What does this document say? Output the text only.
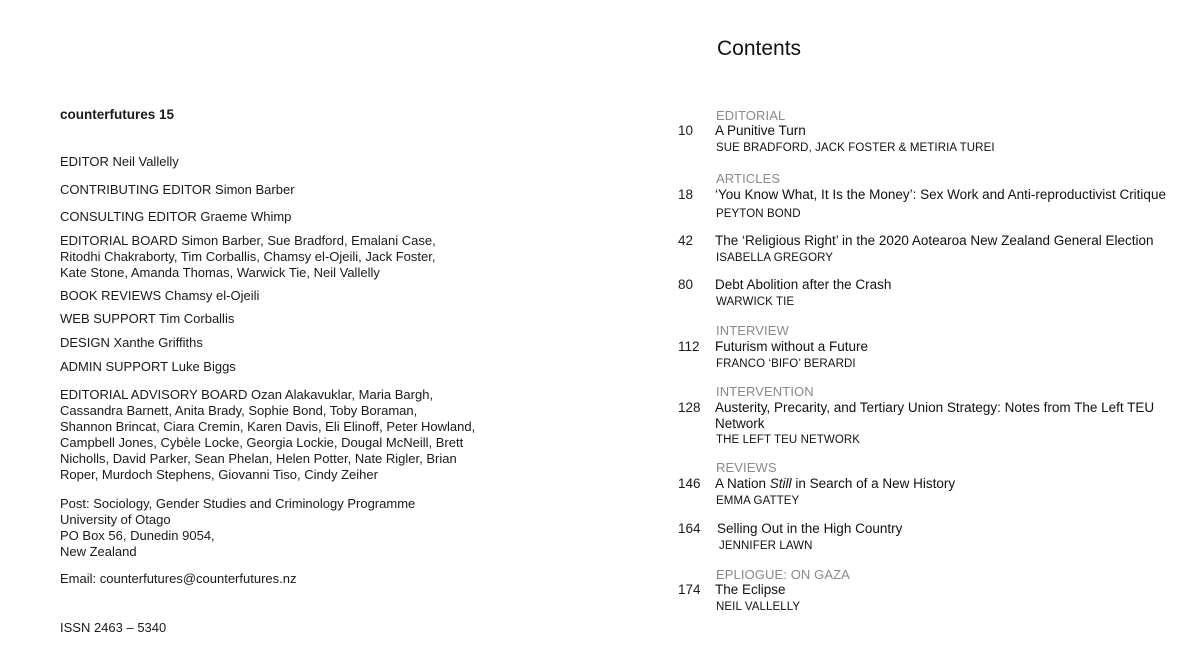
counterfutures 15
EDITOR Neil Vallelly
CONTRIBUTING EDITOR Simon Barber
CONSULTING EDITOR Graeme Whimp
EDITORIAL BOARD Simon Barber, Sue Bradford, Emalani Case,
Ritodhi Chakraborty, Tim Corballis, Chamsy el-Ojeili, Jack Foster,
Kate Stone, Amanda Thomas, Warwick Tie, Neil Vallelly
BOOK REVIEWS Chamsy el-Ojeili
WEB SUPPORT Tim Corballis
DESIGN Xanthe Griffiths
ADMIN SUPPORT Luke Biggs
EDITORIAL ADVISORY BOARD Ozan Alakavuklar, Maria Bargh,
Cassandra Barnett, Anita Brady, Sophie Bond, Toby Boraman,
Shannon Brincat, Ciara Cremin, Karen Davis, Eli Elinoff, Peter Howland,
Campbell Jones, Cybèle Locke, Georgia Lockie, Dougal McNeill, Brett
Nicholls, David Parker, Sean Phelan, Helen Potter, Nate Rigler, Brian
Roper, Murdoch Stephens, Giovanni Tiso, Cindy Zeiher
Post: Sociology, Gender Studies and Criminology Programme
University of Otago
PO Box 56, Dunedin 9054,
New Zealand
Email: counterfutures@counterfutures.nz
ISSN 2463 – 5340
Contents
EDITORIAL
10 A Punitive Turn
SUE BRADFORD, JACK FOSTER & METIRIA TUREI
ARTICLES
18 ‘You Know What, It Is the Money’: Sex Work and Anti-reproductivist Critique
PEYTON BOND
42 The ‘Religious Right’ in the 2020 Aotearoa New Zealand General Election
ISABELLA GREGORY
80 Debt Abolition after the Crash
WARWICK TIE
INTERVIEW
112 Futurism without a Future
FRANCO ‘BIFO’ BERARDI
INTERVENTION
128 Austerity, Precarity, and Tertiary Union Strategy: Notes from The Left TEU Network
THE LEFT TEU NETWORK
REVIEWS
146 A Nation Still in Search of a New History
EMMA GATTEY
164 Selling Out in the High Country
JENNIFER LAWN
EPLIOGUE: ON GAZA
174 The Eclipse
NEIL VALLELLY
